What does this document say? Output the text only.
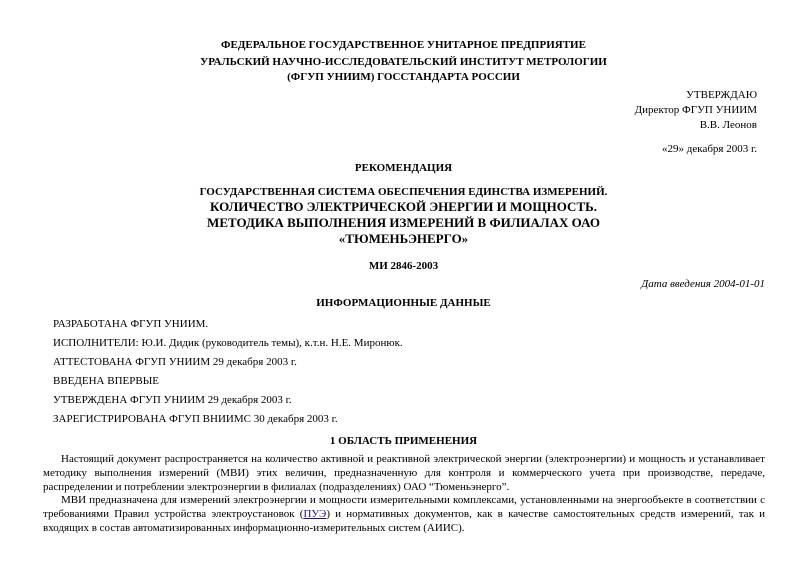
ФЕДЕРАЛЬНОЕ ГОСУДАРСТВЕННОЕ УНИТАРНОЕ ПРЕДПРИЯТИЕ
УРАЛЬСКИЙ НАУЧНО-ИССЛЕДОВАТЕЛЬСКИЙ ИНСТИТУТ МЕТРОЛОГИИ
(ФГУП УНИИМ) ГОССТАНДАРТА РОССИИ
УТВЕРЖДАЮ
Директор ФГУП УНИИМ
В.В. Леонов
«29» декабря 2003 г.
РЕКОМЕНДАЦИЯ
ГОСУДАРСТВЕННАЯ СИСТЕМА ОБЕСПЕЧЕНИЯ ЕДИНСТВА ИЗМЕРЕНИЙ.
КОЛИЧЕСТВО ЭЛЕКТРИЧЕСКОЙ ЭНЕРГИИ И МОЩНОСТЬ.
МЕТОДИКА ВЫПОЛНЕНИЯ ИЗМЕРЕНИЙ В ФИЛИАЛАХ ОАО
«ТЮМЕНЬЭНЕРГО»
МИ 2846-2003
Дата введения 2004-01-01
ИНФОРМАЦИОННЫЕ ДАННЫЕ
РАЗРАБОТАНА ФГУП УНИИМ.
ИСПОЛНИТЕЛИ: Ю.И. Дидик (руководитель темы), к.т.н. Н.Е. Миронюк.
АТТЕСТОВАНА ФГУП УНИИМ 29 декабря 2003 г.
ВВЕДЕНА ВПЕРВЫЕ
УТВЕРЖДЕНА ФГУП УНИИМ 29 декабря 2003 г.
ЗАРЕГИСТРИРОВАНА ФГУП ВНИИМС 30 декабря 2003 г.
1 ОБЛАСТЬ ПРИМЕНЕНИЯ

Настоящий документ распространяется на количество активной и реактивной электрической энергии (электроэнергии) и мощность и устанавливает методику выполнения измерений (МВИ) этих величин, предназначенную для контроля и коммерческого учета при производстве, передаче, распределении и потреблении электроэнергии в филиалах (подразделениях) ОАО “Тюменьэнерго”.

МВИ предназначена для измерений электроэнергии и мощности измерительными комплексами, установленными на энергообъекте в соответствии с требованиями Правил устройства электроустановок (ПУЭ) и нормативных документов, как в качестве самостоятельных средств измерений, так и входящих в состав автоматизированных информационно-измерительных систем (АИИС).
